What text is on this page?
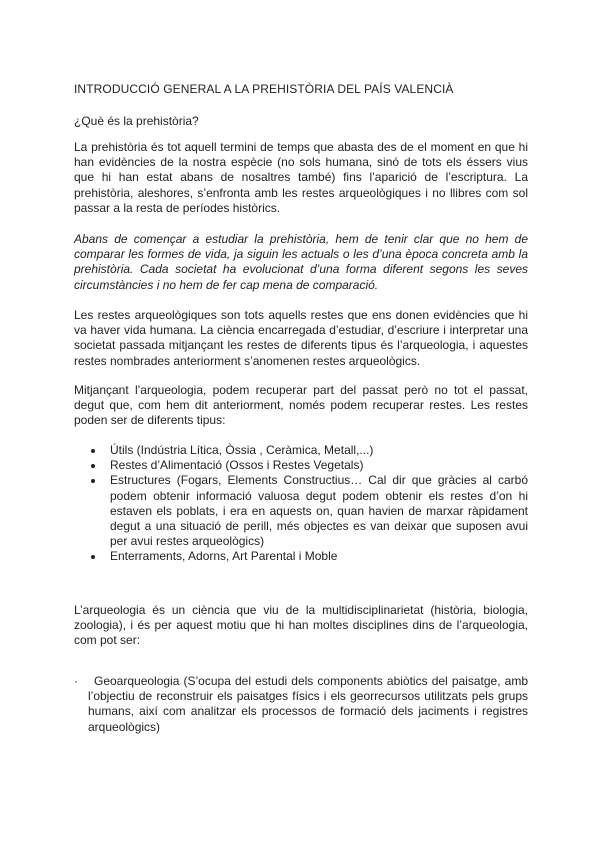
INTRODUCCIÓ GENERAL A LA PREHISTÒRIA DEL PAÍS VALENCIÀ
¿Què és la prehistòria?

La prehistòria és tot aquell termini de temps que abasta des de el moment en que hi han evidències de la nostra espècie (no sols humana, sinó de tots els éssers vius que hi han estat abans de nosaltres també) fins l’aparició de l’escriptura. La prehistòria, aleshores, s’enfronta amb les restes arqueològiques i no llibres com sol passar a la resta de períodes històrics.

Abans de començar a estudiar la prehistòria, hem de tenir clar que no hem de comparar les formes de vida, ja siguin les actuals o les d’una època concreta amb la prehistòria. Cada societat ha evolucionat d’una forma diferent segons les seves circumstàncies i no hem de fer cap mena de comparació.

Les restes arqueològiques son tots aquells restes que ens donen evidències que hi va haver vida humana. La ciència encarregada d’estudiar, d’escriure i interpretar una societat passada mitjançant les restes de diferents tipus és l’arqueologia, i aquestes restes nombrades anteriorment s’anomenen restes arqueològics.

Mitjançant l’arqueologia, podem recuperar part del passat però no tot el passat, degut que, com hem dit anteriorment, només podem recuperar restes. Les restes poden ser de diferents tipus:

Útils (Indústria Lítica, Òssia , Ceràmica, Metall,...)
Restes d’Alimentació (Ossos i Restes Vegetals)
Estructures (Fogars, Elements Constructius… Cal dir que gràcies al carbó podem obtenir informació valuosa degut podem obtenir els restes d’on hi estaven els poblats, i era en aquests on, quan havien de marxar ràpidament degut a una situació de perill, més objectes es van deixar que suposen avui per avui restes arqueològics)
Enterraments, Adorns, Art Parental i Moble

L’arqueologia és un ciència que viu de la multidisciplinarietat (història, biologia, zoologia), i és per aquest motiu que hi han moltes disciplines dins de l’arqueologia, com pot ser:

·	Geoarqueologia (S’ocupa del estudi dels components abiòtics del paisatge, amb l’objectiu de reconstruir els paisatges físics i els georrecursos utilitzats pels grups humans, així com analitzar els processos de formació dels jaciments i registres arqueològics)
